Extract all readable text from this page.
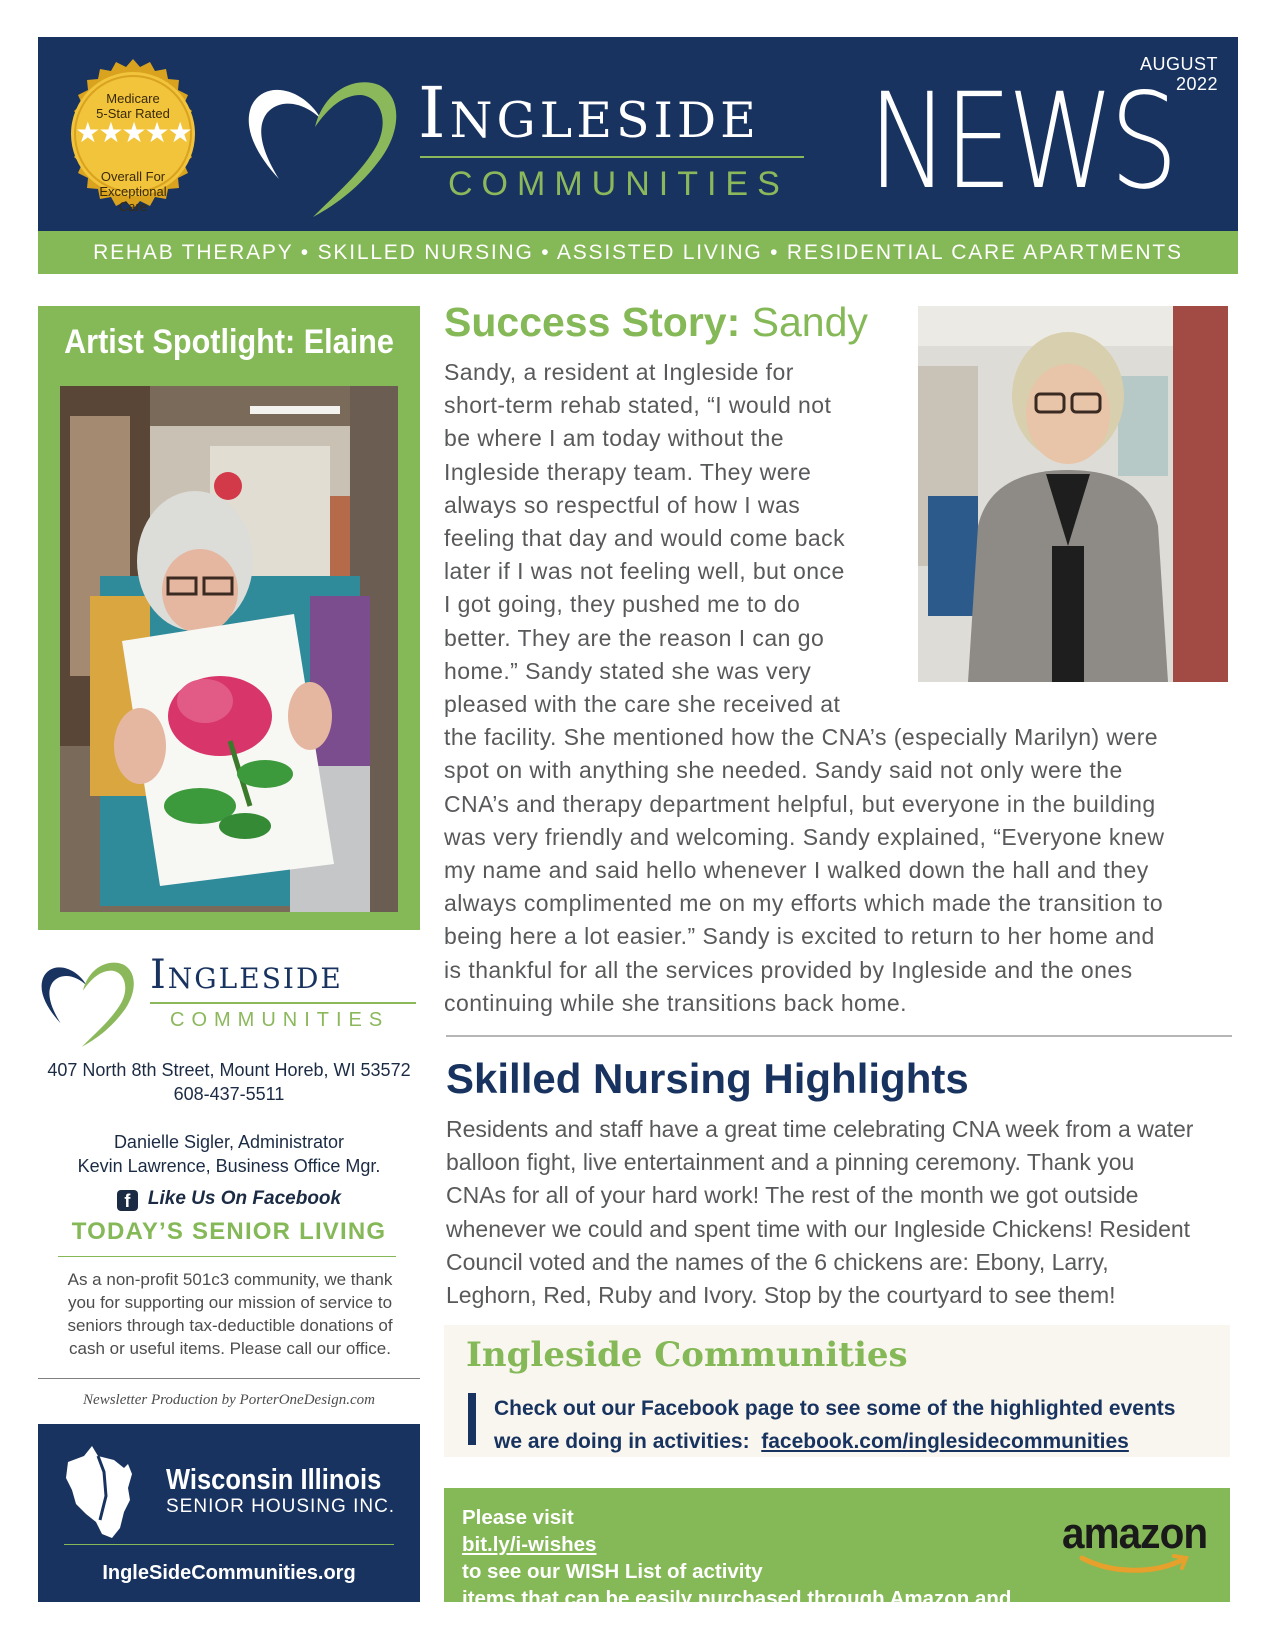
Medicare
5-Star Rated
★★★★★
Overall For
Exceptional
Care
Ingleside
COMMUNITIES NEWS
AUGUST
2022
REHAB THERAPY • SKILLED NURSING • ASSISTED LIVING • RESIDENTIAL CARE APARTMENTS
Artist Spotlight: Elaine
Ingleside
COMMUNITIES
407 North 8th Street, Mount Horeb, WI 53572
608-437-5511
Danielle Sigler, Administrator
Kevin Lawrence, Business Office Mgr.
f Like Us On Facebook
TODAY’S SENIOR LIVING
As a non-profit 501c3 community, we thank
you for supporting our mission of service to
seniors through tax-deductible donations of
cash or useful items. Please call our office.
Newsletter Production by PorterOneDesign.com
Wisconsin Illinois
SENIOR HOUSING INC.
IngleSideCommunities.org
Success Story: Sandy
Sandy, a resident at Ingleside for
short-term rehab stated, “I would not
be where I am today without the
Ingleside therapy team. They were
always so respectful of how I was
feeling that day and would come back
later if I was not feeling well, but once
I got going, they pushed me to do
better. They are the reason I can go
home.” Sandy stated she was very
pleased with the care she received at
the facility. She mentioned how the CNA’s (especially Marilyn) were
spot on with anything she needed. Sandy said not only were the
CNA’s and therapy department helpful, but everyone in the building
was very friendly and welcoming. Sandy explained, “Everyone knew
my name and said hello whenever I walked down the hall and they
always complimented me on my efforts which made the transition to
being here a lot easier.” Sandy is excited to return to her home and
is thankful for all the services provided by Ingleside and the ones
continuing while she transitions back home.
Skilled Nursing Highlights
Residents and staff have a great time celebrating CNA week from a water
balloon fight, live entertainment and a pinning ceremony. Thank you
CNAs for all of your hard work! The rest of the month we got outside
whenever we could and spent time with our Ingleside Chickens! Resident
Council voted and the names of the 6 chickens are: Ebony, Larry,
Leghorn, Red, Ruby and Ivory. Stop by the courtyard to see them!
Ingleside Communities
Check out our Facebook page to see some of the highlighted events
we are doing in activities: facebook.com/inglesidecommunities
Please visit
bit.ly/i-wishes
to see our WISH List of activity
items that can be easily purchased through Amazon and
sent directly to us for the benefit of our residents.
amazon
